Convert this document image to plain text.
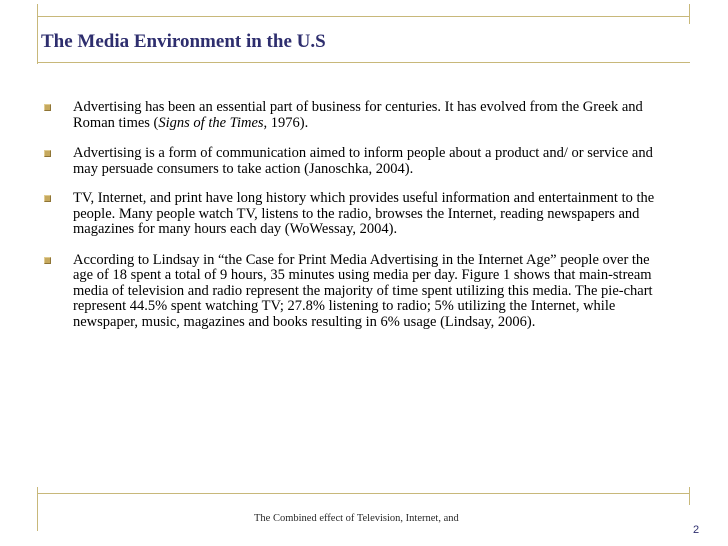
The Media Environment in the U.S
Advertising has been an essential part of business for centuries. It has evolved from the Greek and Roman times (Signs of the Times, 1976).
Advertising is a form of communication aimed to inform people about a product and/ or service and may persuade consumers to take action (Janoschka, 2004).
TV, Internet, and print have long history which provides useful information and entertainment to the people. Many people watch TV, listens to the radio, browses the Internet, reading newspapers and magazines for many hours each day (WoWessay, 2004).
According to Lindsay in “the Case for Print Media Advertising in the Internet Age” people over the age of 18 spent a total of 9 hours, 35 minutes using media per day. Figure 1 shows that main-stream media of television and radio represent the majority of time spent utilizing this media. The pie-chart represent 44.5% spent watching TV; 27.8% listening to radio; 5% utilizing the Internet, while newspaper, music, magazines and books resulting in 6% usage (Lindsay, 2006).
The Combined effect of Television, Internet, and
2
